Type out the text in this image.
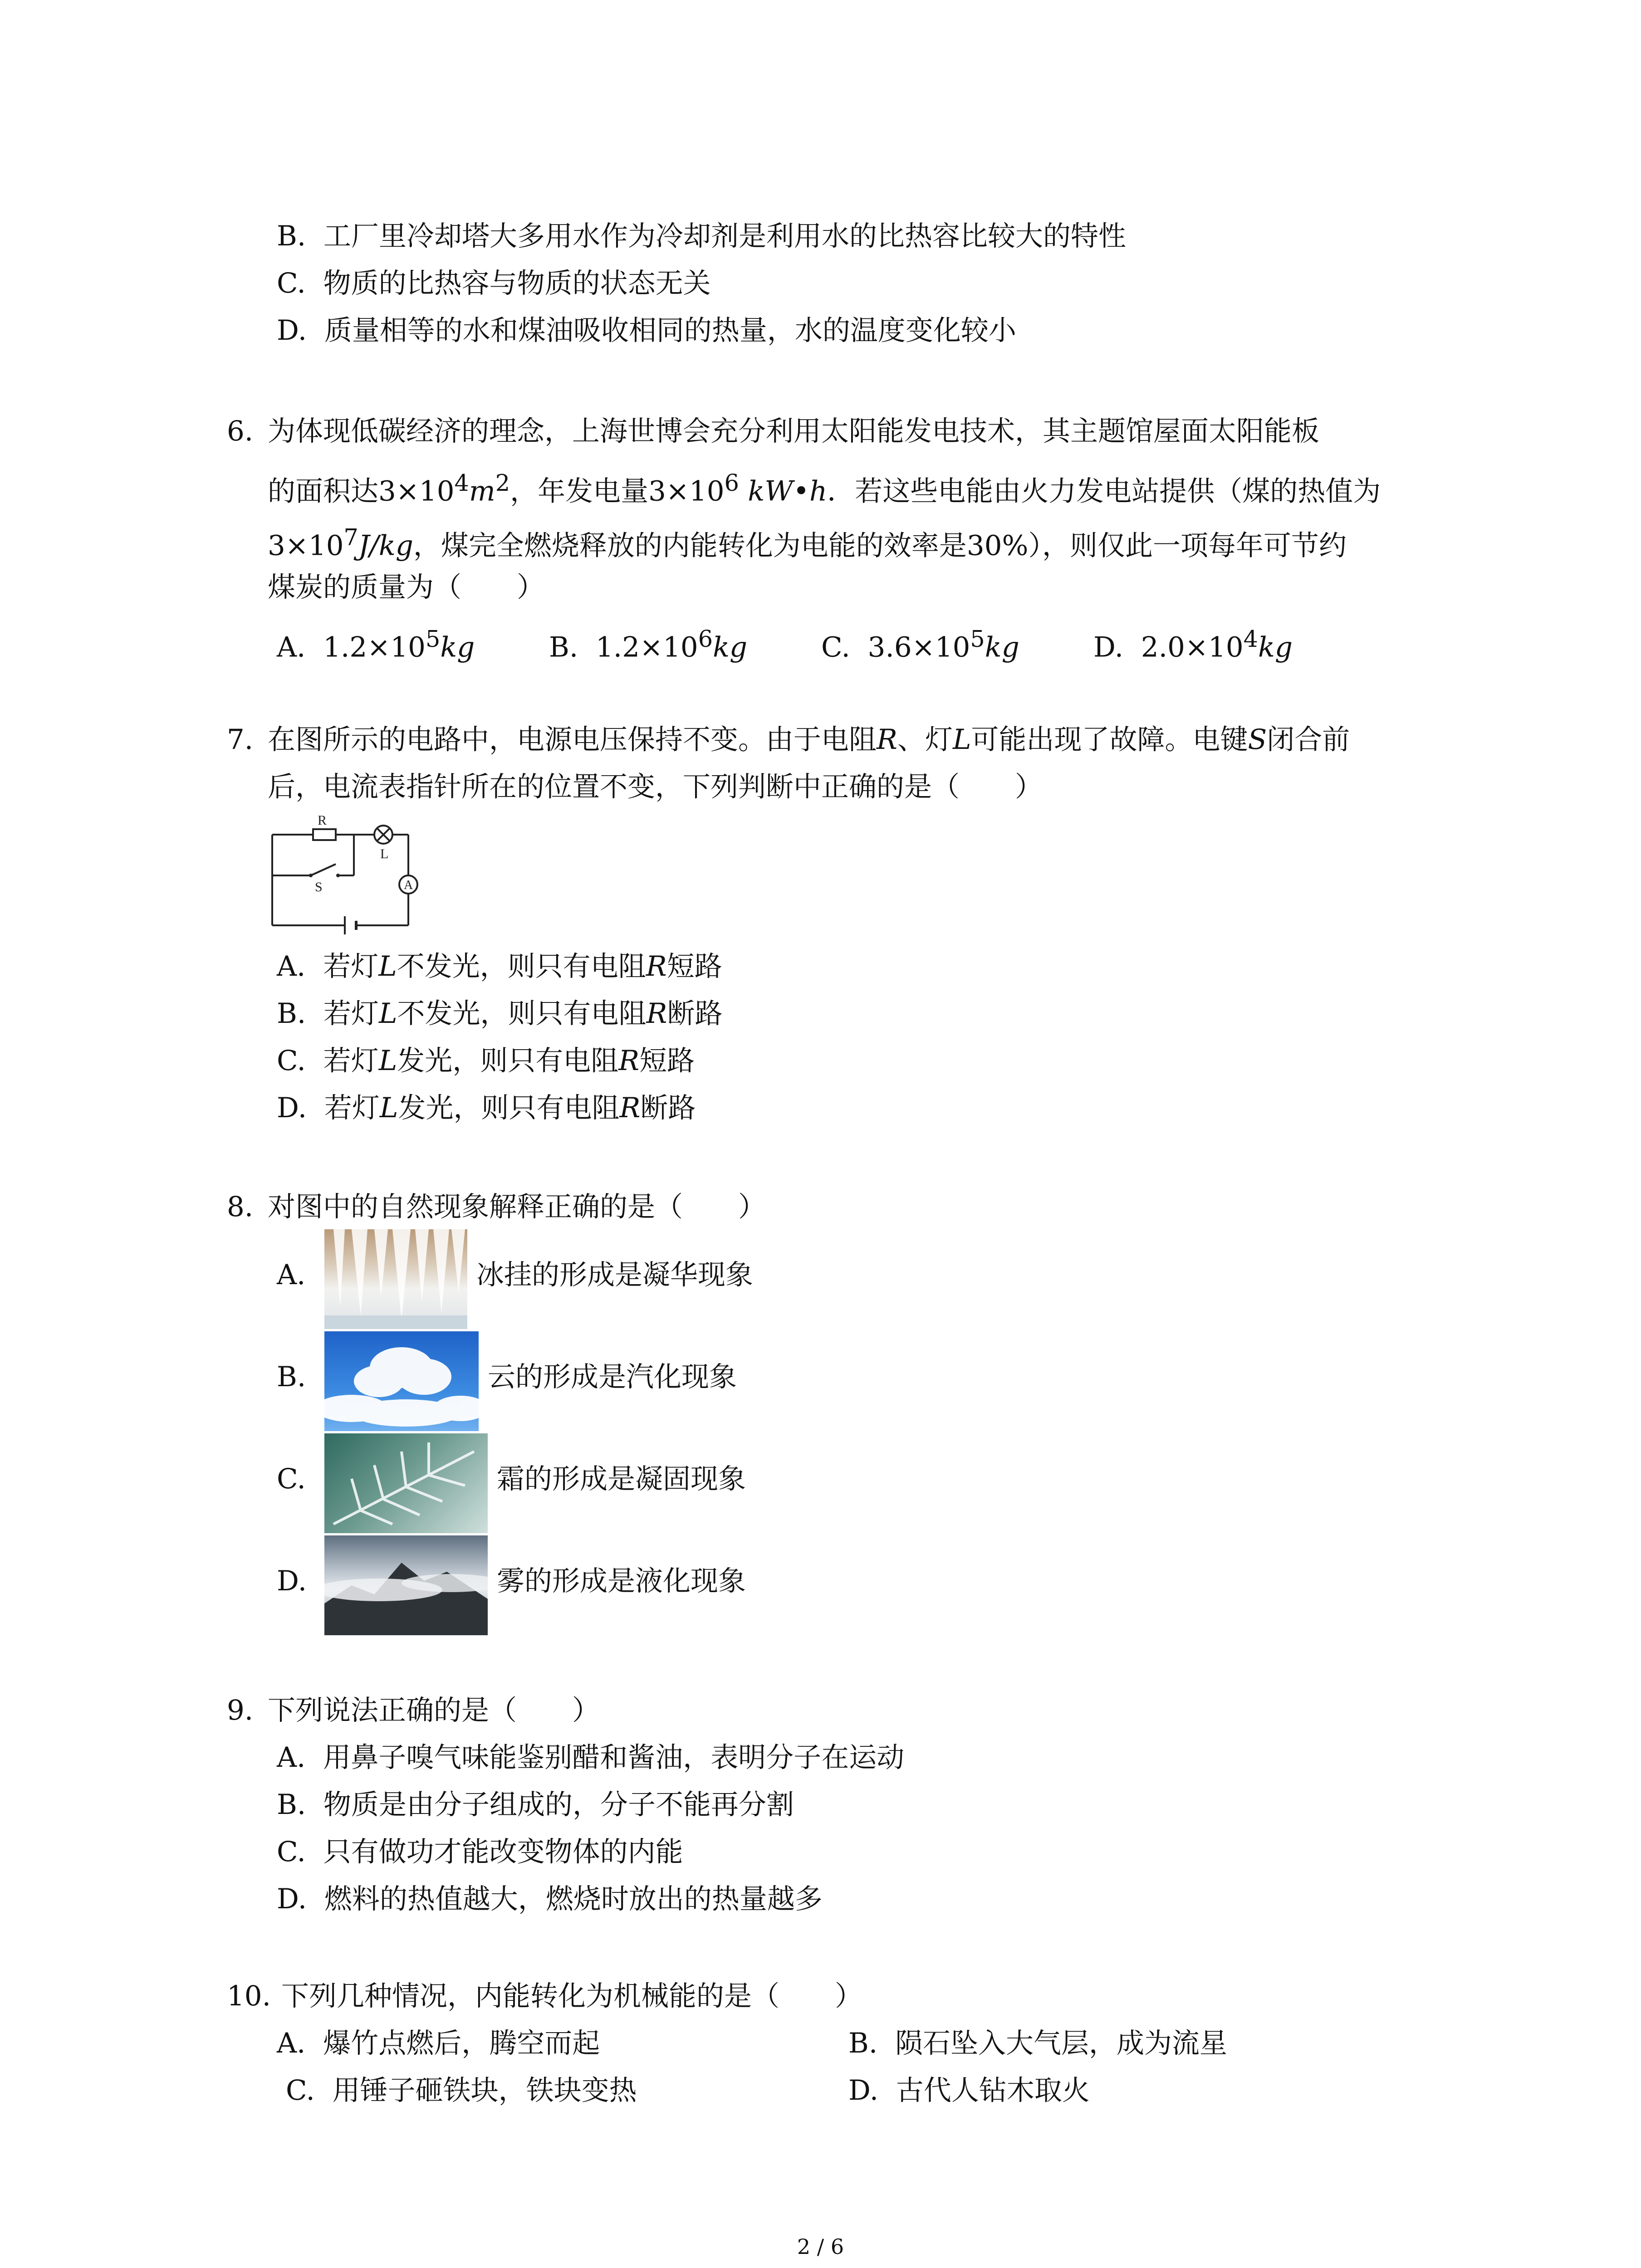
B. 工厂里冷却塔大多用水作为冷却剂是利用水的比热容比较大的特性
C. 物质的比热容与物质的状态无关
D. 质量相等的水和煤油吸收相同的热量，水的温度变化较小
6. 为体现低碳经济的理念，上海世博会充分利用太阳能发电技术，其主题馆屋面太阳能板
的面积达$3\times 10^4m^2$，年发电量$3\times 10^6$ kW•h．若这些电能由火力发电站提供（煤的热值为
$3\times 10^7J/kg$，煤完全燃烧释放的内能转化为电能的效率是30%），则仅此一项每年可节约
煤炭的质量为（　　）
A. $1.2\times 10^5kg$	B. $1.2\times 10^6kg$	C. $3.6\times 10^5kg$	D. $2.0\times 10^4kg$
7. 在图所示的电路中，电源电压保持不变。由于电阻R、灯L可能出现了故障。电键S闭合前
后，电流表指针所在的位置不变，下列判断中正确的是（　　）
R
L
S	A
A. 若灯L不发光，则只有电阻R短路
B. 若灯L不发光，则只有电阻R断路
C. 若灯L发光，则只有电阻R短路
D. 若灯L发光，则只有电阻R断路
8. 对图中的自然现象解释正确的是（　　）
A.	冰挂的形成是凝华现象
B.	云的形成是汽化现象
C.	霜的形成是凝固现象
D.	雾的形成是液化现象
9. 下列说法正确的是（　　）
A. 用鼻子嗅气味能鉴别醋和酱油，表明分子在运动
B. 物质是由分子组成的，分子不能再分割
C. 只有做功才能改变物体的内能
D. 燃料的热值越大，燃烧时放出的热量越多
10. 下列几种情况，内能转化为机械能的是（　　）
A. 爆竹点燃后，腾空而起	B. 陨石坠入大气层，成为流星
C. 用锤子砸铁块，铁块变热	D. 古代人钻木取火
2 / 6
